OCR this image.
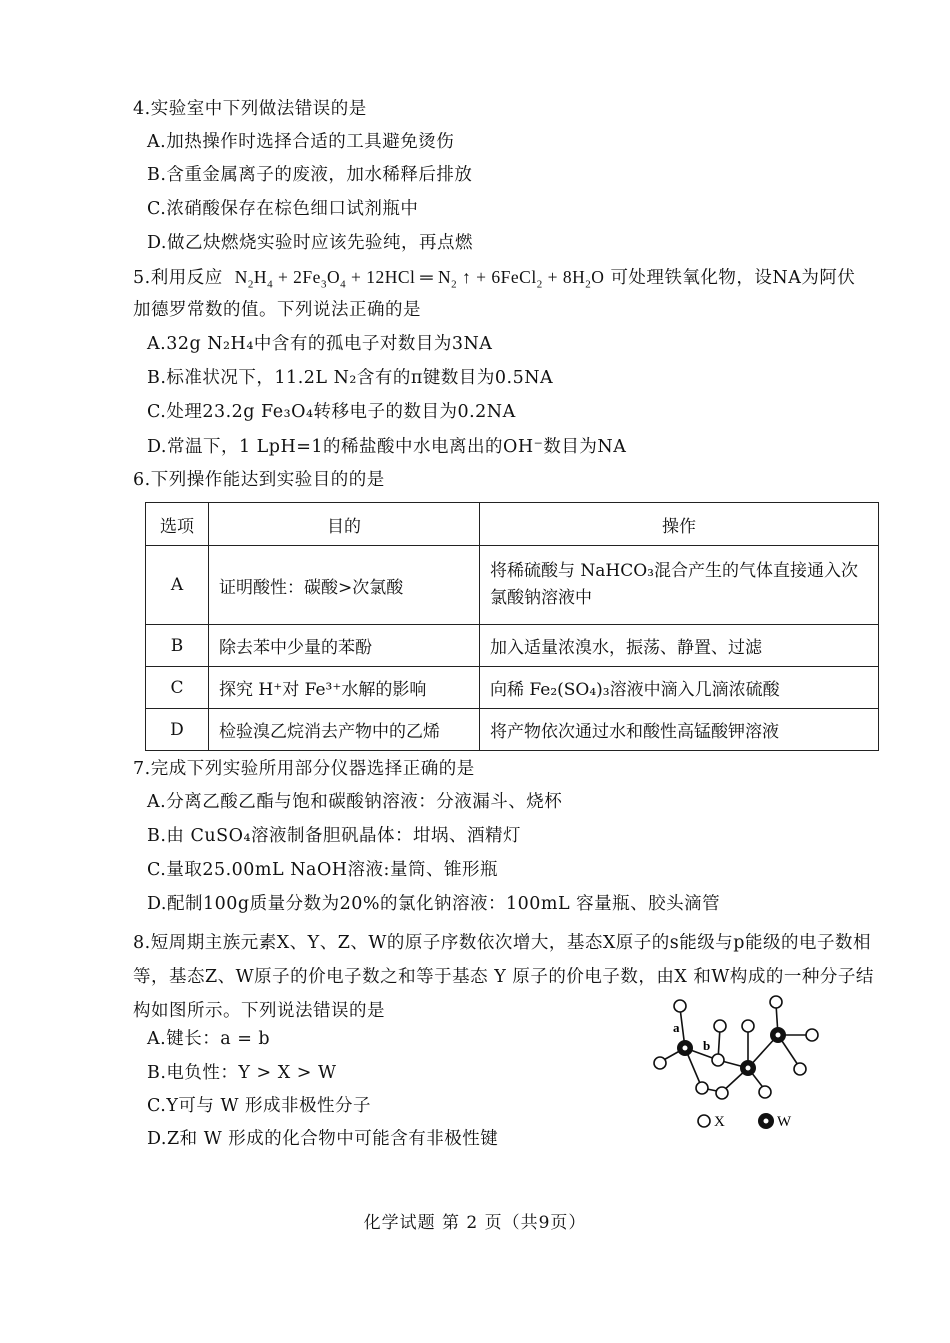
4.实验室中下列做法错误的是
A.加热操作时选择合适的工具避免烫伤
B.含重金属离子的废液，加水稀释后排放
C.浓硝酸保存在棕色细口试剂瓶中
D.做乙炔燃烧实验时应该先验纯，再点燃
5.利用反应 $N_2H_4 + 2Fe_3O_4 + 12HCl$ ═ $N_2$ ↑ + 6FeCl$_2$ + $8H_2O$ 可处理铁氧化物，设NA为阿伏
加德罗常数的值。下列说法正确的是
A.32g N₂H₄中含有的孤电子对数目为3NA
B.标准状况下，11.2L N₂含有的π键数目为0.5NA
C.处理23.2g Fe₃O₄转移电子的数目为0.2NA
D.常温下，1 LpH=1的稀盐酸中水电离出的OH⁻数目为NA
6.下列操作能达到实验目的的是
选项	目的	操作
A	证明酸性：碳酸>次氯酸	将稀硫酸与 NaHCO₃混合产生的气体直接通入次氯酸钠溶液中
B	除去苯中少量的苯酚	加入适量浓溴水，振荡、静置、过滤
C	探究 H⁺对 Fe³⁺水解的影响	向稀 Fe₂(SO₄)₃溶液中滴入几滴浓硫酸
D	检验溴乙烷消去产物中的乙烯	将产物依次通过水和酸性高锰酸钾溶液
7.完成下列实验所用部分仪器选择正确的是
A.分离乙酸乙酯与饱和碳酸钠溶液：分液漏斗、烧杯
B.由 CuSO₄溶液制备胆矾晶体：坩埚、酒精灯
C.量取25.00mL NaOH溶液:量筒、锥形瓶
D.配制100g质量分数为20%的氯化钠溶液：100mL 容量瓶、胶头滴管
8.短周期主族元素X、Y、Z、W的原子序数依次增大，基态X原子的s能级与p能级的电子数相等，基态Z、W原子的价电子数之和等于基态 Y 原子的价电子数，由X 和W构成的一种分子结构如图所示。下列说法错误的是
A.键长：a = b
B.电负性：Y > X > W
C.Y可与 W 形成非极性分子
D.Z和 W 形成的化合物中可能含有非极性键
a
b
X	W
化学试题 第 2 页（共9页）
